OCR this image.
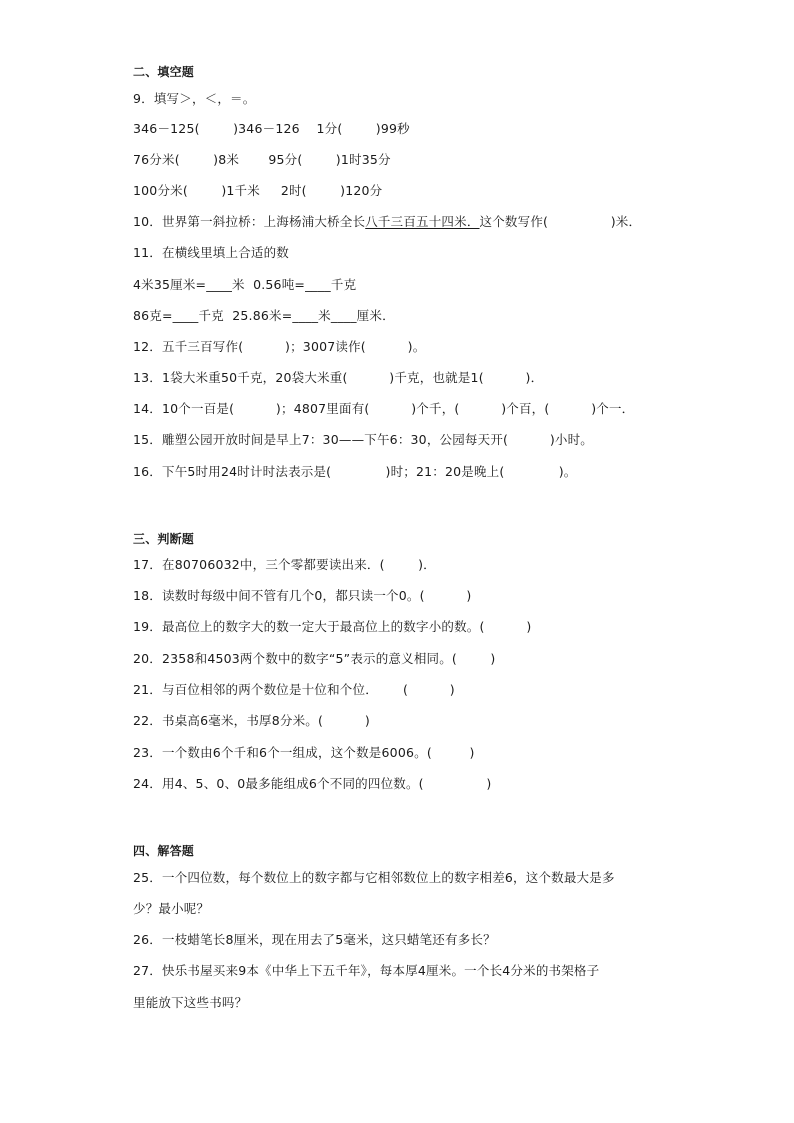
二、填空题
9．填写＞，＜，＝。
346－125(        )346－126    1分(        )99秒
76分米(        )8米       95分(        )1时35分
100分米(        )1千米     2时(        )120分
10．世界第一斜拉桥：上海杨浦大桥全长八千三百五十四米．这个数写作(               )米．
11．在横线里填上合适的数
4米35厘米=____米  0.56吨=____千克
86克=____千克  25.86米=____米____厘米．
12．五千三百写作(          )；3007读作(          )。
13．1袋大米重50千克，20袋大米重(          )千克，也就是1(          )．
14．10个一百是(          )；4807里面有(          )个千，(          )个百，(          )个一．
15．雕塑公园开放时间是早上7：30——下午6：30，公园每天开(          )小时。
16．下午5时用24时计时法表示是(             )时；21：20是晚上(             )。
三、判断题
17．在80706032中，三个零都要读出来．(        )．
18．读数时每级中间不管有几个0，都只读一个0。(          )
19．最高位上的数字大的数一定大于最高位上的数字小的数。(          )
20．2358和4503两个数中的数字“5”表示的意义相同。(        )
21．与百位相邻的两个数位是十位和个位．      (          )
22．书桌高6毫米，书厚8分米。(          )
23．一个数由6个千和6个一组成，这个数是6006。(         )
24．用4、5、0、0最多能组成6个不同的四位数。(               )
四、解答题
25．一个四位数，每个数位上的数字都与它相邻数位上的数字相差6，这个数最大是多
少？最小呢？
26．一枝蜡笔长8厘米，现在用去了5毫米，这只蜡笔还有多长？
27．快乐书屋买来9本《中华上下五千年》，每本厚4厘米。一个长4分米的书架格子
里能放下这些书吗？
